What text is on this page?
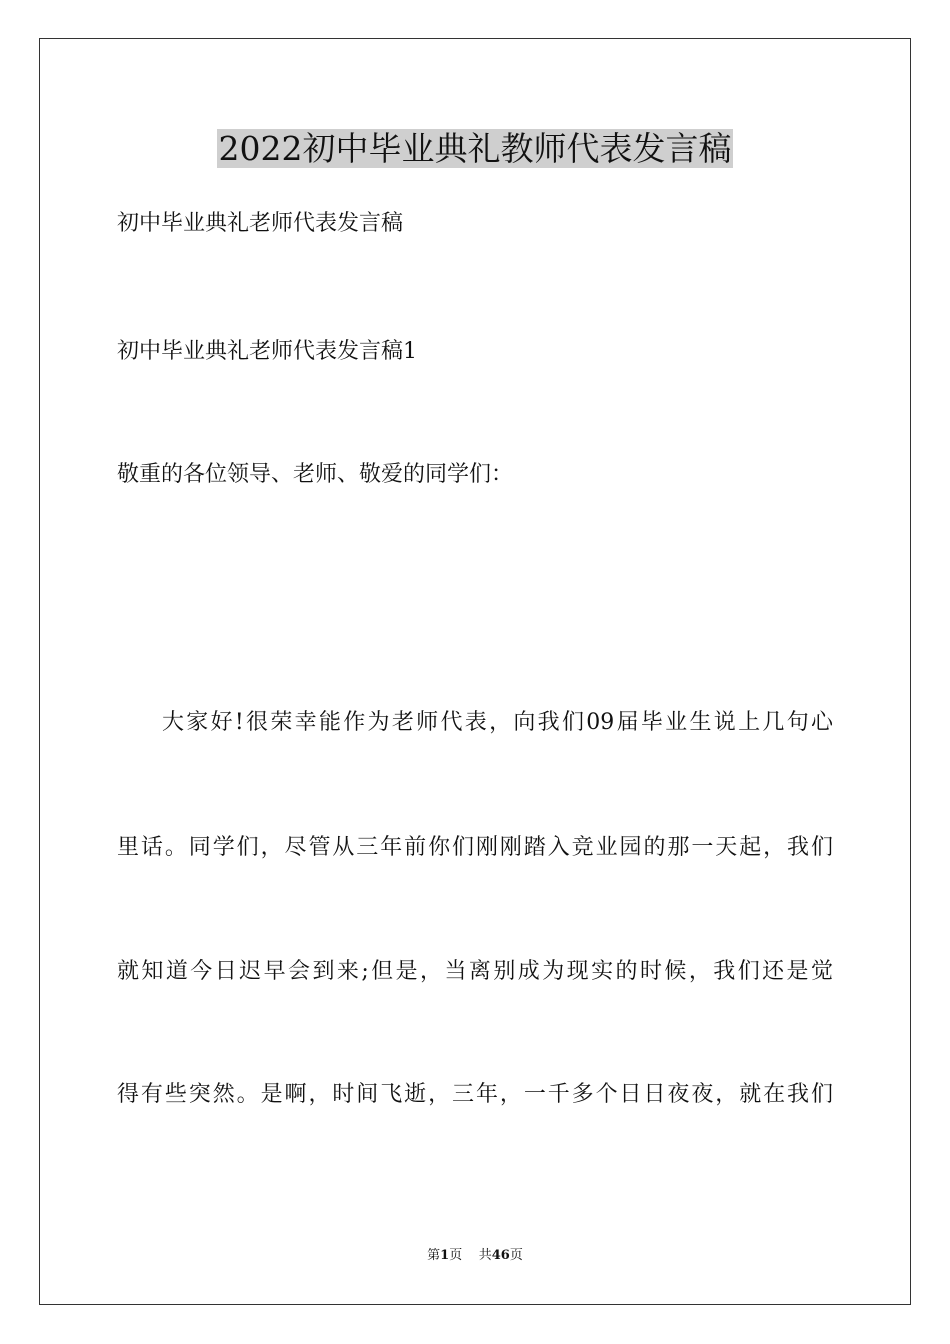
2022初中毕业典礼教师代表发言稿
初中毕业典礼老师代表发言稿
初中毕业典礼老师代表发言稿1
敬重的各位领导、老师、敬爱的同学们：
大家好!很荣幸能作为老师代表，向我们09届毕业生说上几句心
里话。同学们，尽管从三年前你们刚刚踏入竞业园的那一天起，我们
就知道今日迟早会到来;但是，当离别成为现实的时候，我们还是觉
得有些突然。是啊，时间飞逝，三年，一千多个日日夜夜，就在我们
第1页 共46页
